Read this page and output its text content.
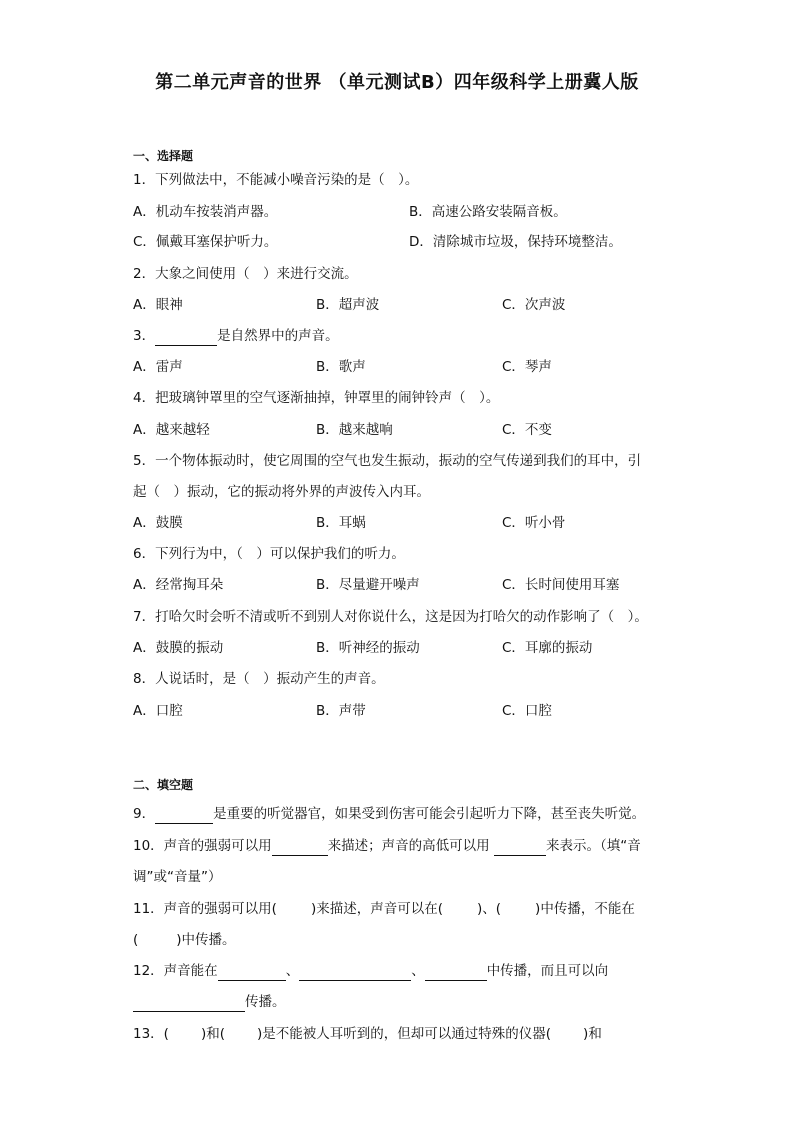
第二单元声音的世界 （单元测试B）四年级科学上册冀人版
一、选择题
1．下列做法中，不能减小噪音污染的是（　）。
A．机动车按装消声器。	B．高速公路安装隔音板。
C．佩戴耳塞保护听力。	D．清除城市垃圾，保持环境整洁。
2．大象之间使用（　）来进行交流。
A．眼神	B．超声波	C．次声波
3．	是自然界中的声音。
A．雷声	B．歌声	C．琴声
4．把玻璃钟罩里的空气逐渐抽掉，钟罩里的闹钟铃声（　）。
A．越来越轻	B．越来越响	C．不变
5．一个物体振动时，使它周围的空气也发生振动，振动的空气传递到我们的耳中，引
起（　）振动，它的振动将外界的声波传入内耳。
A．鼓膜	B．耳蜗	C．听小骨
6．下列行为中，（　）可以保护我们的听力。
A．经常掏耳朵	B．尽量避开噪声	C．长时间使用耳塞
7．打哈欠时会听不清或听不到别人对你说什么，这是因为打哈欠的动作影响了（　）。
A．鼓膜的振动	B．听神经的振动	C．耳廓的振动
8．人说话时，是（　）振动产生的声音。
A．口腔	B．声带	C．口腔
二、填空题
9．	是重要的听觉器官，如果受到伤害可能会引起听力下降，甚至丧失听觉。
10．声音的强弱可以用	来描述；声音的高低可以用	来表示。（填“音
调”或“音量”）
11．声音的强弱可以用(	)来描述，声音可以在(	)、(	)中传播，不能在
(	)中传播。
12．声音能在	、	、	中传播，而且可以向
传播。
13．( )和( )是不能被人耳听到的，但却可以通过特殊的仪器( )和
